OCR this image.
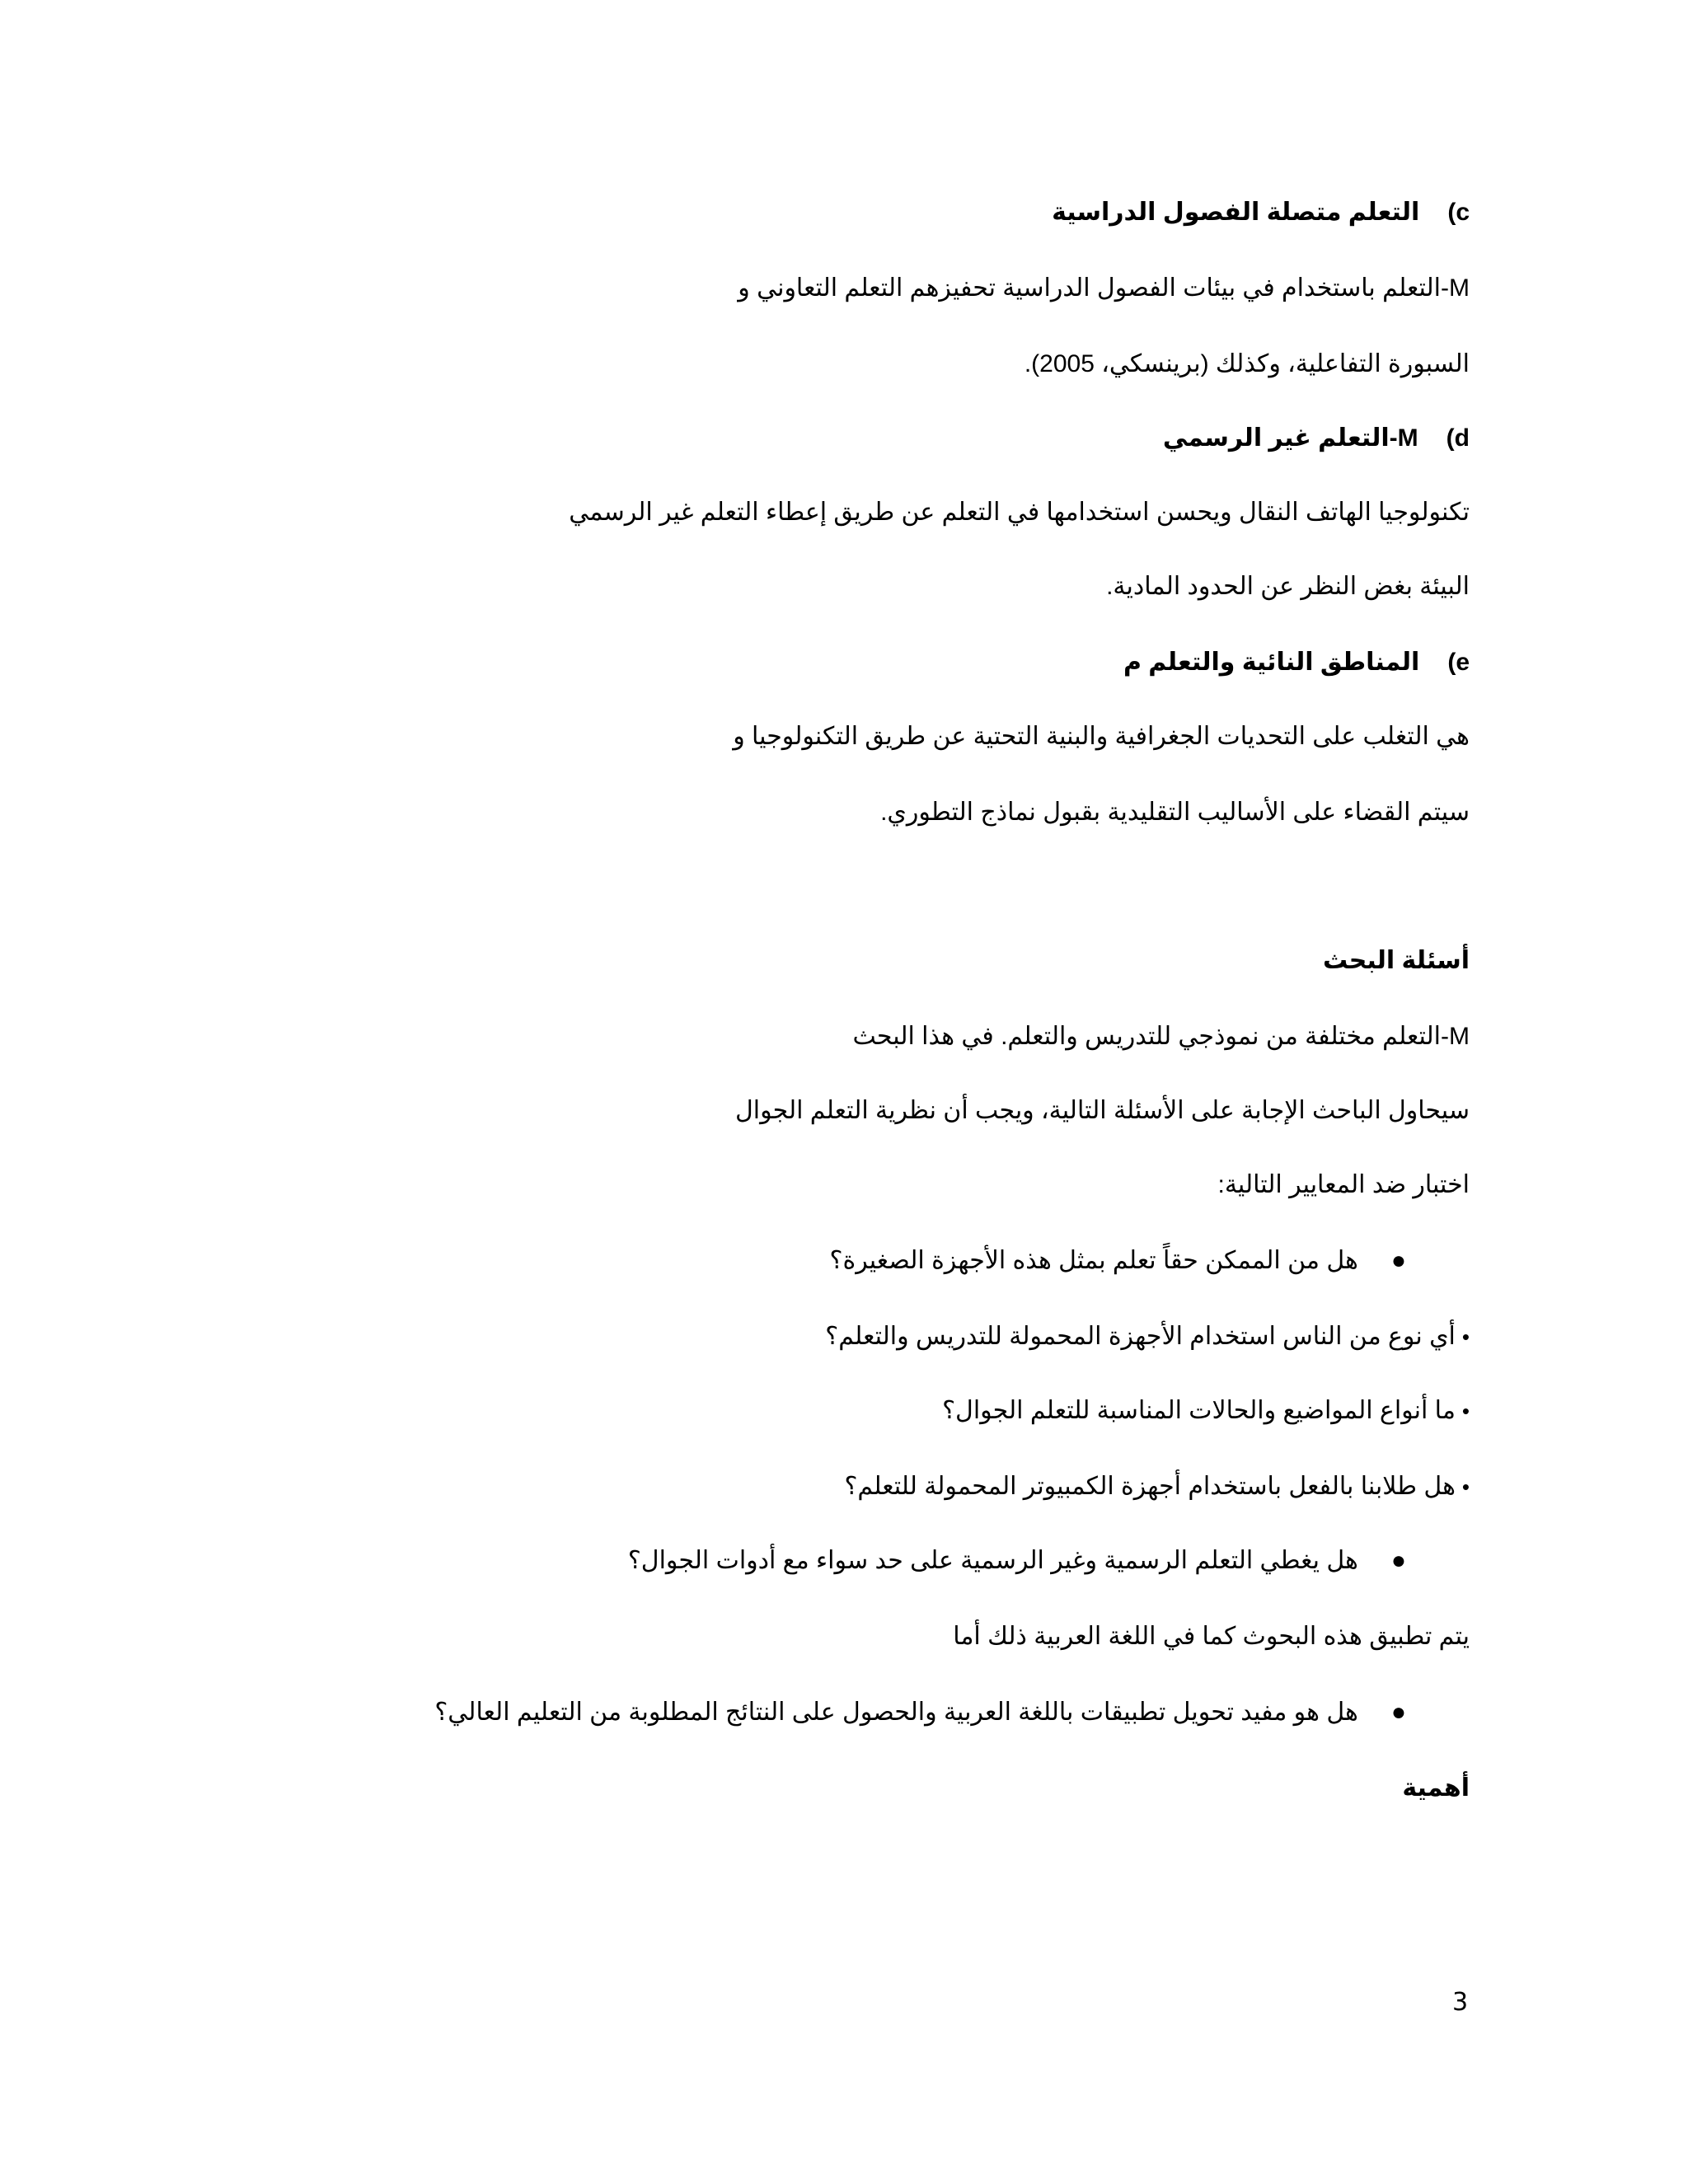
c)التعلم متصلة الفصول الدراسية
M-التعلم باستخدام في بيئات الفصول الدراسية تحفيزهم التعلم التعاوني و
السبورة التفاعلية، وكذلك (برينسكي، 2005).
d)M-التعلم غير الرسمي
تكنولوجيا الهاتف النقال ويحسن استخدامها في التعلم عن طريق إعطاء التعلم غير الرسمي
البيئة بغض النظر عن الحدود المادية.
e)المناطق النائية والتعلم م
هي التغلب على التحديات الجغرافية والبنية التحتية عن طريق التكنولوجيا و
سيتم القضاء على الأساليب التقليدية بقبول نماذج التطوري.
أسئلة البحث
M-التعلم مختلفة من نموذجي للتدريس والتعلم. في هذا البحث
سيحاول الباحث الإجابة على الأسئلة التالية، ويجب أن نظرية التعلم الجوال
اختبار ضد المعايير التالية:
●هل من الممكن حقاً تعلم بمثل هذه الأجهزة الصغيرة؟
•أي نوع من الناس استخدام الأجهزة المحمولة للتدريس والتعلم؟
•ما أنواع المواضيع والحالات المناسبة للتعلم الجوال؟
•هل طلابنا بالفعل باستخدام أجهزة الكمبيوتر المحمولة للتعلم؟
●هل يغطي التعلم الرسمية وغير الرسمية على حد سواء مع أدوات الجوال؟
يتم تطبيق هذه البحوث كما في اللغة العربية ذلك أما
●هل هو مفيد تحويل تطبيقات باللغة العربية والحصول على النتائج المطلوبة من التعليم العالي؟
أهمية
3
